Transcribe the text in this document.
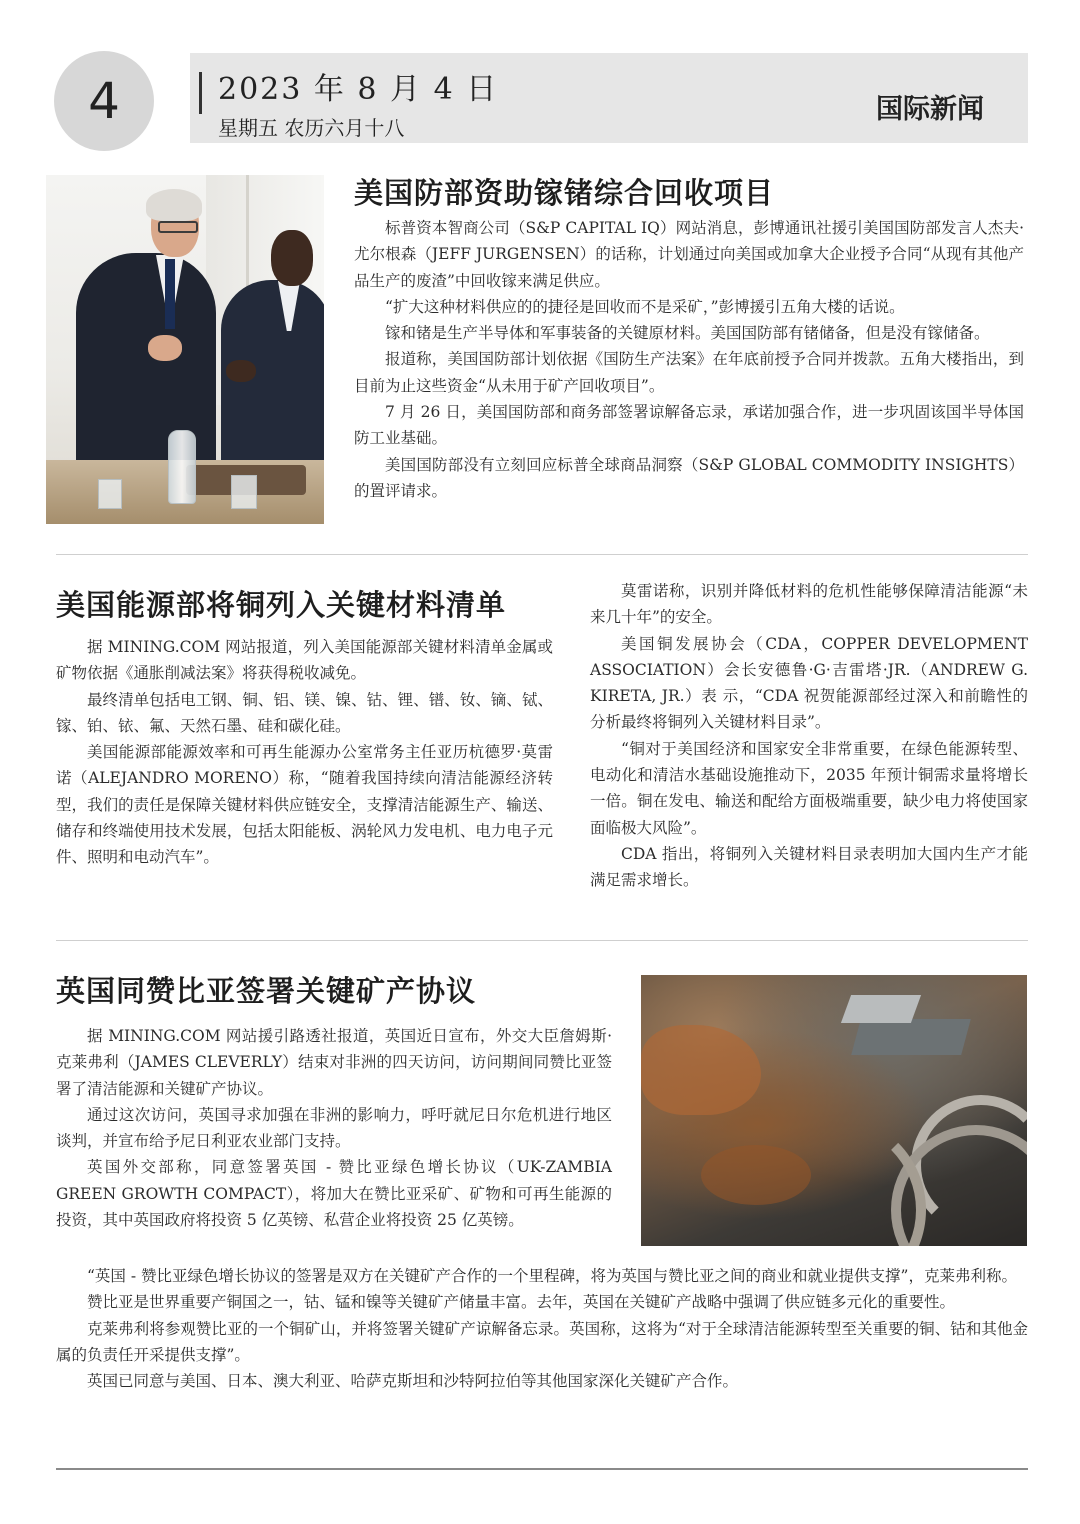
4	2023 年 8 月 4 日
星期五 农历六月十八
国际新闻
美国防部资助镓锗综合回收项目

标普资本智商公司（S&P CAPITAL IQ）网站消息，彭博通讯社援引美国国防部发言人杰夫·尤尔根森（JEFF JURGENSEN）的话称，计划通过向美国或加拿大企业授予合同“从现有其他产品生产的废渣”中回收镓来满足供应。

“扩大这种材料供应的的捷径是回收而不是采矿，”彭博援引五角大楼的话说。

镓和锗是生产半导体和军事装备的关键原材料。美国国防部有锗储备，但是没有镓储备。

报道称，美国国防部计划依据《国防生产法案》在年底前授予合同并拨款。五角大楼指出，到目前为止这些资金“从未用于矿产回收项目”。

7 月 26 日，美国国防部和商务部签署谅解备忘录，承诺加强合作，进一步巩固该国半导体国防工业基础。

美国国防部没有立刻回应标普全球商品洞察（S&P GLOBAL COMMODITY INSIGHTS）的置评请求。

美国能源部将铜列入关键材料清单

据 MINING.COM 网站报道，列入美国能源部关键材料清单金属或矿物依据《通胀削减法案》将获得税收减免。

最终清单包括电工钢、铜、铝、镁、镍、钴、锂、镨、钕、镝、铽、镓、铂、铱、氟、天然石墨、硅和碳化硅。

美国能源部能源效率和可再生能源办公室常务主任亚历杭德罗·莫雷诺（ALEJANDRO MORENO）称，“随着我国持续向清洁能源经济转型，我们的责任是保障关键材料供应链安全，支撑清洁能源生产、输送、储存和终端使用技术发展，包括太阳能板、涡轮风力发电机、电力电子元件、照明和电动汽车”。

莫雷诺称，识别并降低材料的危机性能够保障清洁能源“未来几十年”的安全。

美国铜发展协会（CDA，COPPER DEVELOPMENT ASSOCIATION）会长安德鲁·G·吉雷塔·JR.（ANDREW G. KIRETA, JR.）表 示，“CDA 祝贺能源部经过深入和前瞻性的分析最终将铜列入关键材料目录”。

“铜对于美国经济和国家安全非常重要，在绿色能源转型、电动化和清洁水基础设施推动下，2035 年预计铜需求量将增长一倍。铜在发电、输送和配给方面极端重要，缺少电力将使国家面临极大风险”。

CDA 指出，将铜列入关键材料目录表明加大国内生产才能满足需求增长。

英国同赞比亚签署关键矿产协议

据 MINING.COM 网站援引路透社报道，英国近日宣布，外交大臣詹姆斯·克莱弗利（JAMES CLEVERLY）结束对非洲的四天访问，访问期间同赞比亚签署了清洁能源和关键矿产协议。

通过这次访问，英国寻求加强在非洲的影响力，呼吁就尼日尔危机进行地区谈判，并宣布给予尼日利亚农业部门支持。

英国外交部称，同意签署英国 - 赞比亚绿色增长协议（UK-ZAMBIA GREEN GROWTH COMPACT），将加大在赞比亚采矿、矿物和可再生能源的投资，其中英国政府将投资 5 亿英镑、私营企业将投资 25 亿英镑。

“英国 - 赞比亚绿色增长协议的签署是双方在关键矿产合作的一个里程碑，将为英国与赞比亚之间的商业和就业提供支撑”，克莱弗利称。

赞比亚是世界重要产铜国之一，钴、锰和镍等关键矿产储量丰富。去年，英国在关键矿产战略中强调了供应链多元化的重要性。

克莱弗利将参观赞比亚的一个铜矿山，并将签署关键矿产谅解备忘录。英国称，这将为“对于全球清洁能源转型至关重要的铜、钴和其他金属的负责任开采提供支撑”。

英国已同意与美国、日本、澳大利亚、哈萨克斯坦和沙特阿拉伯等其他国家深化关键矿产合作。
